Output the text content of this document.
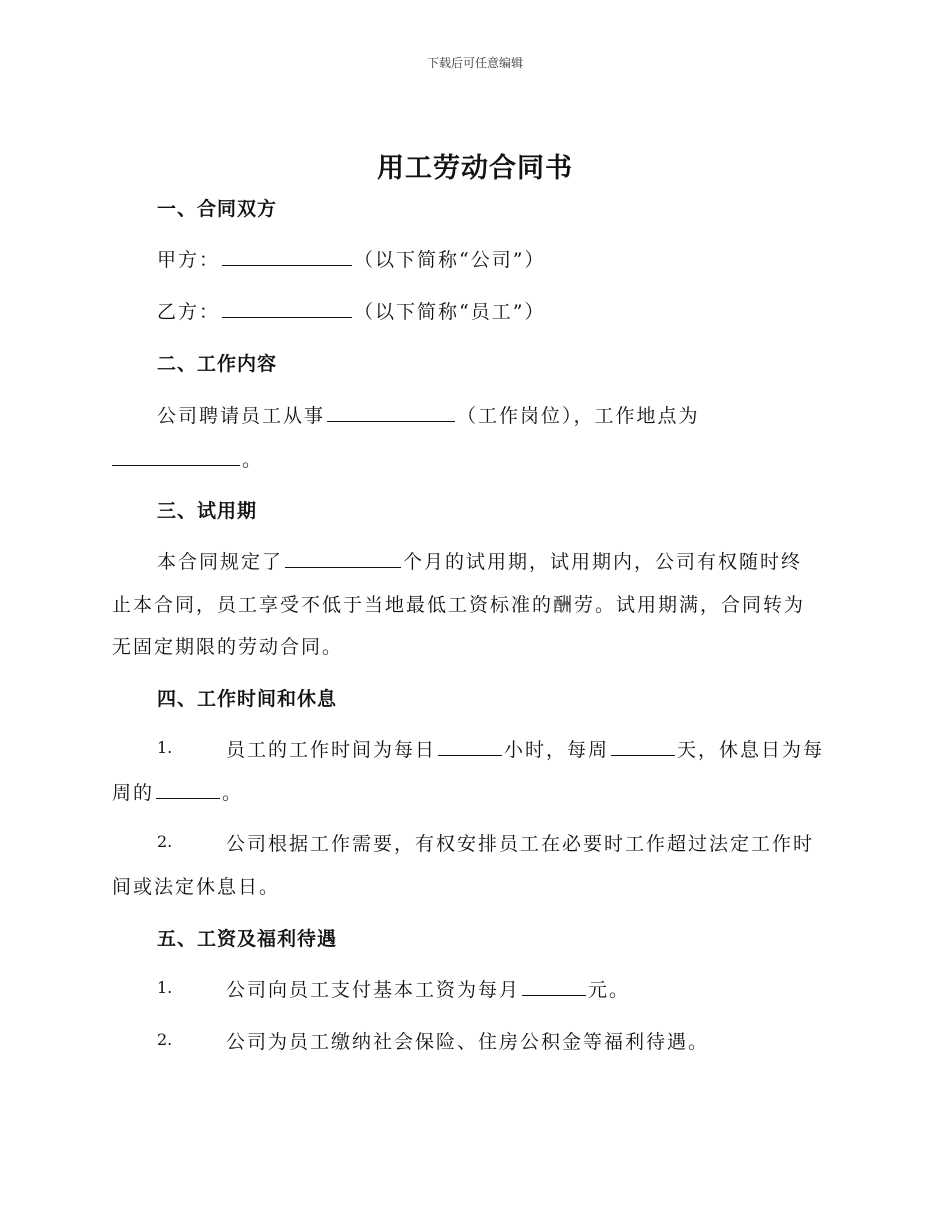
下载后可任意编辑
用工劳动合同书
一、合同双方
甲方：	（以下简称“公司”）
乙方：	（以下简称“员工”）
二、工作内容
公司聘请员工从事	（工作岗位），工作地点为
。
三、试用期
本合同规定了	个月的试用期，试用期内，公司有权随时终
止本合同，员工享受不低于当地最低工资标准的酬劳。试用期满，合同转为
无固定期限的劳动合同。
四、工作时间和休息
1.	员工的工作时间为每日	小时，每周	天，休息日为每
周的	。
2.	公司根据工作需要，有权安排员工在必要时工作超过法定工作时
间或法定休息日。
五、工资及福利待遇
1.	公司向员工支付基本工资为每月	元。
2.	公司为员工缴纳社会保险、住房公积金等福利待遇。
